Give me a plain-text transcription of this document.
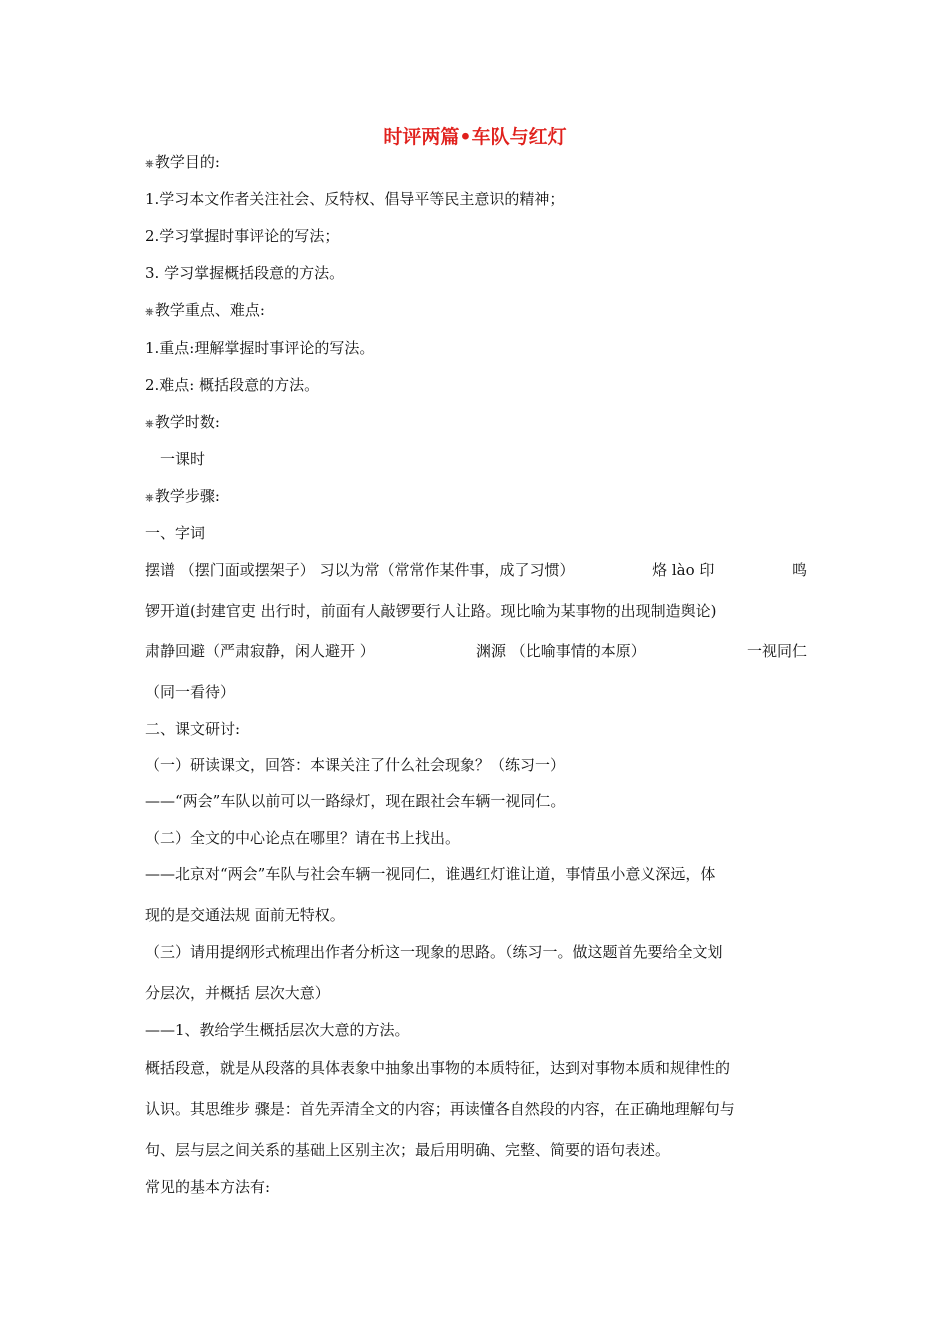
时评两篇•车队与红灯
⎈教学目的:
1.学习本文作者关注社会、反特权、倡导平等民主意识的精神；
2.学习掌握时事评论的写法；
3. 学习掌握概括段意的方法。
⎈教学重点、难点:
1.重点:理解掌握时事评论的写法。
2.难点: 概括段意的方法。
⎈教学时数:
一课时
⎈教学步骤:
一、字词
摆谱 （摆门面或摆架子） 习以为常（常常作某件事，成了习惯）	烙 lào 印	鸣
锣开道(封建官吏 出行时，前面有人敲锣要行人让路。现比喻为某事物的出现制造舆论)
肃静回避（严肃寂静，闲人避开 ）	渊源 （比喻事情的本原）	一视同仁
（同一看待）
二、课文研讨:
（一）研读课文，回答：本课关注了什么社会现象？（练习一）
——“两会”车队以前可以一路绿灯，现在跟社会车辆一视同仁。
（二）全文的中心论点在哪里？请在书上找出。
——北京对“两会”车队与社会车辆一视同仁，谁遇红灯谁让道，事情虽小意义深远，体
现的是交通法规 面前无特权。
（三）请用提纲形式梳理出作者分析这一现象的思路。（练习一。做这题首先要给全文划
分层次，并概括 层次大意）
——1、教给学生概括层次大意的方法。
概括段意，就是从段落的具体表象中抽象出事物的本质特征，达到对事物本质和规律性的
认识。其思维步 骤是：首先弄清全文的内容；再读懂各自然段的内容，在正确地理解句与
句、层与层之间关系的基础上区别主次；最后用明确、完整、简要的语句表述。
常见的基本方法有:
